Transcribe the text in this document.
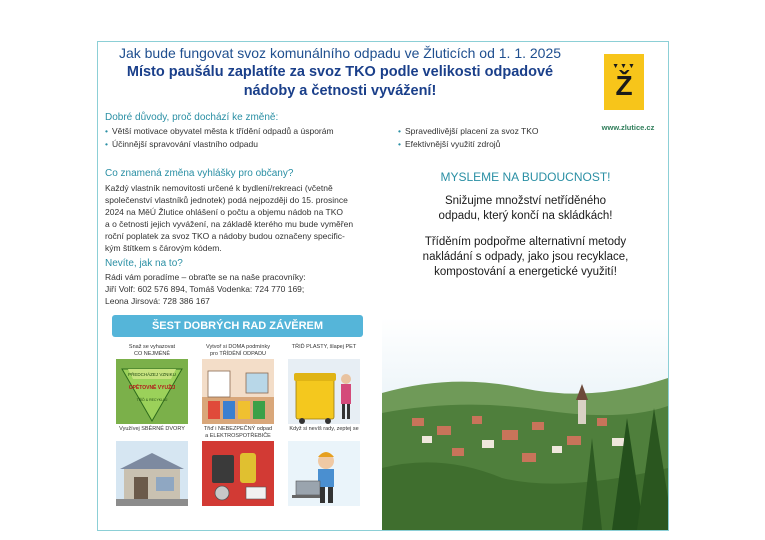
Jak bude fungovat svoz komunálního odpadu ve Žluticích od 1. 1. 2025
Místo paušálu zaplatíte za svoz TKO podle velikosti odpadové nádoby a četnosti vyvážení!
▼▼▼
Ž
www.zlutice.cz
Dobré důvody, proč dochází ke změně:
• Větší motivace obyvatel města k třídění odpadů a úsporám
• Účinnější spravování vlastního odpadu
• Spravedlivější placení za svoz TKO
• Efektivnější využití zdrojů
Co znamená změna vyhlášky pro občany?
Každý vlastník nemovitosti určené k bydlení/rekreaci (včetně
společenství vlastníků jednotek) podá nejpozději do 15. prosince
2024 na MěÚ Žlutice ohlášení o počtu a objemu nádob na TKO
a o četnosti jejich vyvážení, na základě kterého mu bude vyměřen
roční poplatek za svoz TKO a nádoby budou označeny specific-
kým štítkem s čárovým kódem.
Nevíte, jak na to?
Rádi vám poradíme – obraťte se na naše pracovníky:
Jiří Volf: 602 576 894, Tomáš Vodenka: 724 770 169;
Leona Jirsová: 728 386 167
MYSLEME NA BUDOUCNOST!
Snižujme množství netříděného
odpadu, který končí na skládkách!
Tříděním podpořme alternativní metody
nakládání s odpady, jako jsou recyklace,
kompostování a energetické využití!
ŠEST DOBRÝCH RAD ZÁVĚREM
Snaž se vyhazovat
CO NEJMÉNĚ
PŘEDCHÁZEJ VZNIKU
OPĚTOVNĚ VYUŽIJ
TŘÍĎ & RECYKLUJ
Vytvoř si DOMA podmínky
pro TŘÍDĚNÍ ODPADU
TŘIĎ PLASTY, šlapej PET
Využívej SBĚRNÉ DVORY	Třiď i NEBEZPEČNÝ odpad
a ELEKTROSPOTŘEBIČE
Když si nevíš rady, zeptej se
